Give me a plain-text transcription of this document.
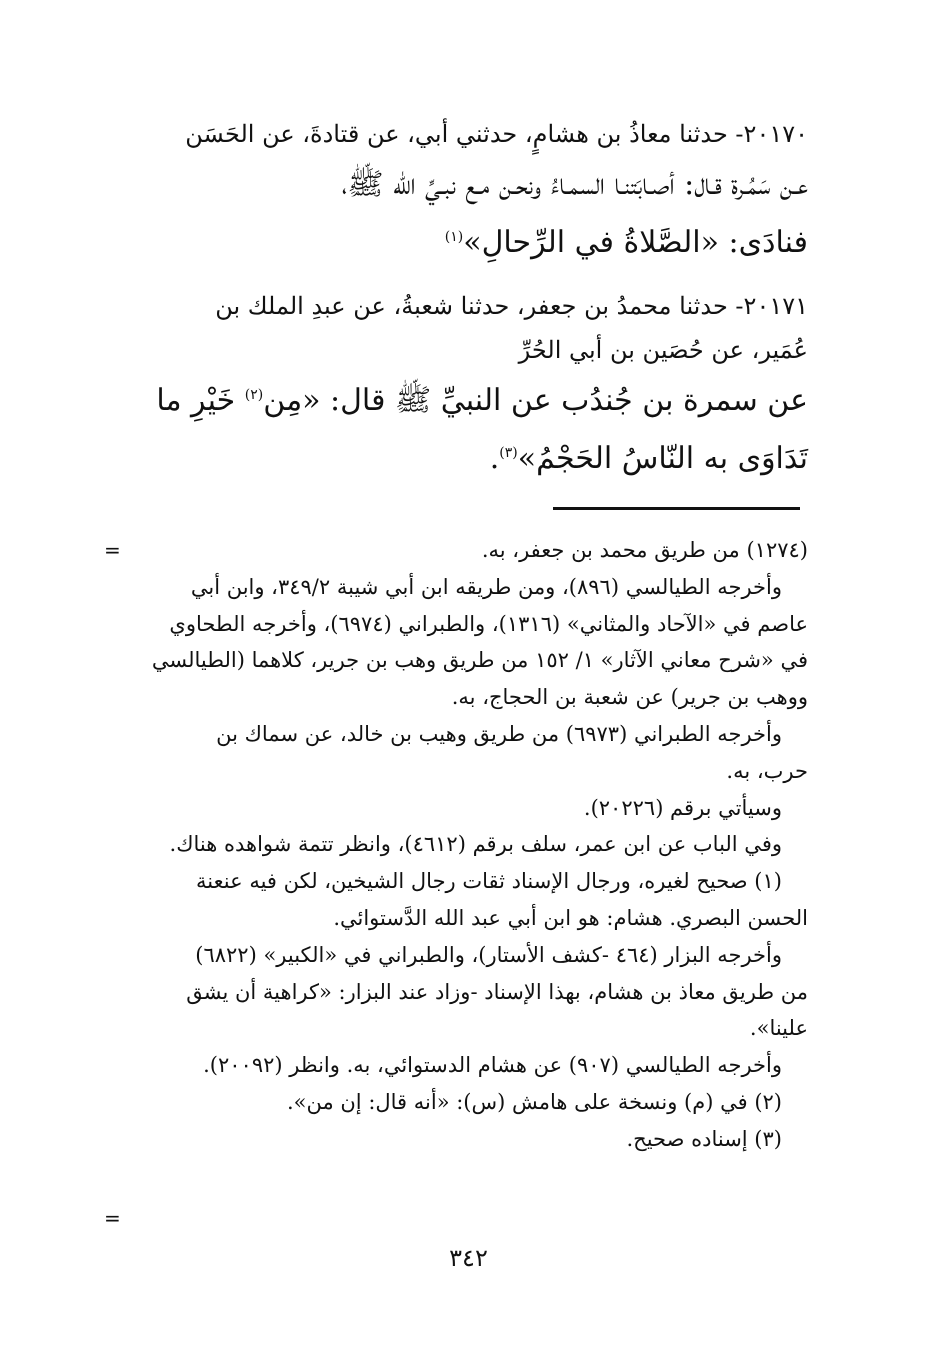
٢٠١٧٠- حدثنا معاذُ بن هشامٍ، حدثني أبي، عن قتادةَ، عن الحَسَن
عـن سَمُـرة قـال: أصـابَتنـا السمـاءُ ونحـن مـع نبـيِّ الله ﷺ،
فنادَى: «الصَّلاةُ في الرِّحالِ»$^{(١)}$
٢٠١٧١- حدثنا محمدُ بن جعفر، حدثنا شعبةُ، عن عبدِ الملك بن
عُمَير، عن حُصَين بن أبي الحُرِّ
عن سمرة بن جُندُب عن النبيِّ ﷺ قال: «مِن$^{(٢)}$ خَيْرِ ما
تَدَاوَى به النّاسُ الحَجْمُ»$^{(٣)}$.
=	(١٢٧٤) من طريق محمد بن جعفر، به.
وأخرجه الطيالسي (٨٩٦)، ومن طريقه ابن أبي شيبة ٣٤٩/٢، وابن أبي
عاصم في «الآحاد والمثاني» (١٣١٦)، والطبراني (٦٩٧٤)، وأخرجه الطحاوي
في «شرح معاني الآثار» ١/ ١٥٢ من طريق وهب بن جرير، كلاهما (الطيالسي
ووهب بن جرير) عن شعبة بن الحجاج، به.
وأخرجه الطبراني (٦٩٧٣) من طريق وهيب بن خالد، عن سماك بن
حرب، به.
وسيأتي برقم (٢٠٢٢٦).
وفي الباب عن ابن عمر، سلف برقم (٤٦١٢)، وانظر تتمة شواهده هناك.
(١) صحيح لغيره، ورجال الإسناد ثقات رجال الشيخين، لكن فيه عنعنة
الحسن البصري. هشام: هو ابن أبي عبد الله الدَّستوائي.
وأخرجه البزار (٤٦٤ -كشف الأستار)، والطبراني في «الكبير» (٦٨٢٢)
من طريق معاذ بن هشام، بهذا الإسناد -وزاد عند البزار: «كراهية أن يشق
علينا».
وأخرجه الطيالسي (٩٠٧) عن هشام الدستوائي، به. وانظر (٢٠٠٩٢).
(٢) في (م) ونسخة على هامش (س): «أنه قال: إن من».
(٣) إسناده صحيح.
=
٣٤٢
